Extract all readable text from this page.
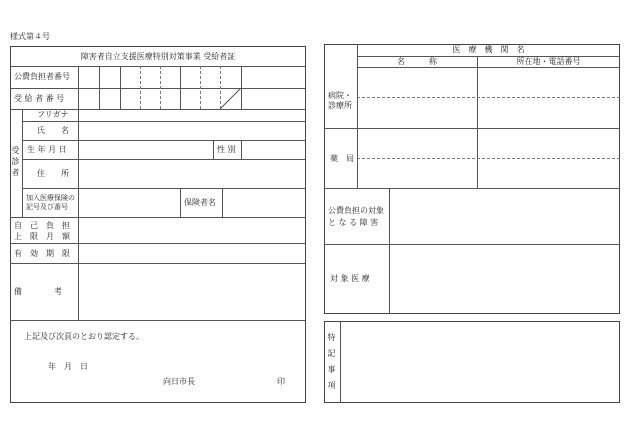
様式第４号
障害者自立支援医療特別対策事業 受給者証
公費負担者番号
受 給 者 番 号
受診者
フリガナ
氏　　名
生 年 月 日	性 別
住　　所
加入医療保険の
記号及び番号	保険者名
自　己　負　担
上　限　月　額
有　効　期　限
備　　　　考
上記及び次頁のとおり認定する。
年　月　日
向日市長	印
医　療　機　関　名
名　　　称	所在地・電話番号
病院・
診療所
薬　局
公費負担の対象
と な る 障 害
対 象 医 療
特記事項
